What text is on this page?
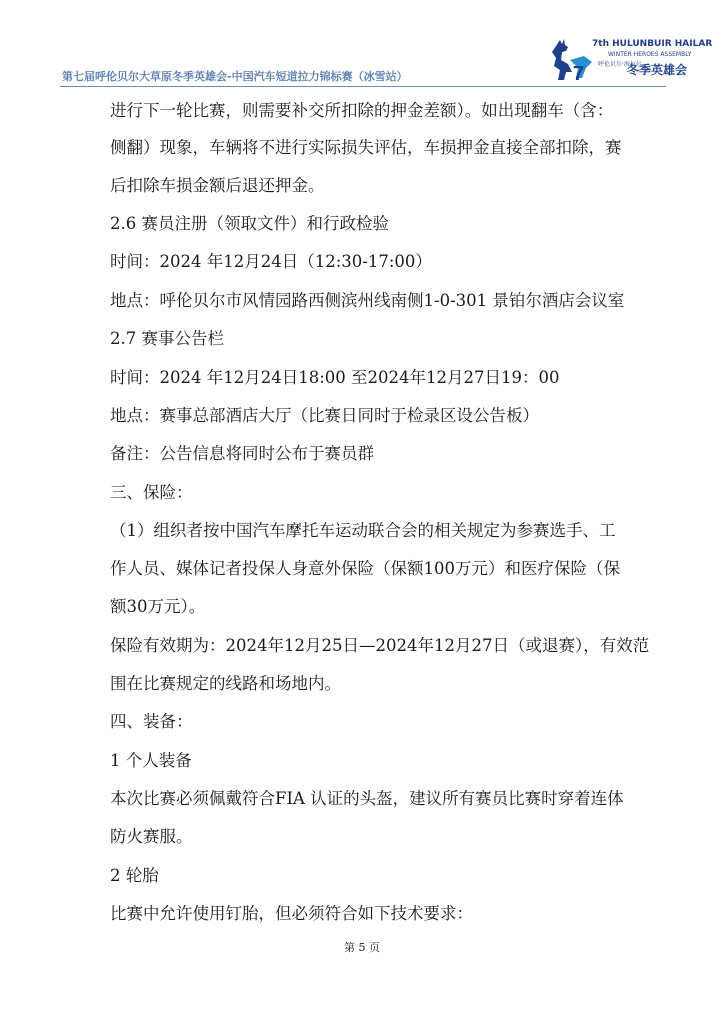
第七届呼伦贝尔大草原冬季英雄会-中国汽车短道拉力锦标赛（冰雪站）	7
7th HULUNBUIR HAILAR
WINTER HEROES ASSEMBLY
呼伦贝尔·海拉尔
冬季英雄会
进行下一轮比赛，则需要补交所扣除的押金差额）。如出现翻车（含：
侧翻）现象，车辆将不进行实际损失评估，车损押金直接全部扣除，赛
后扣除车损金额后退还押金。
2.6 赛员注册（领取文件）和行政检验
时间：2024 年12月24日（12:30-17:00）
地点：呼伦贝尔市风情园路西侧滨州线南侧1-0-301 景铂尔酒店会议室
2.7 赛事公告栏
时间：2024 年12月24日18:00 至2024年12月27日19：00
地点：赛事总部酒店大厅（比赛日同时于检录区设公告板）
备注：公告信息将同时公布于赛员群
三、保险：
（1）组织者按中国汽车摩托车运动联合会的相关规定为参赛选手、工
作人员、媒体记者投保人身意外保险（保额100万元）和医疗保险（保
额30万元）。
保险有效期为：2024年12月25日—2024年12月27日（或退赛），有效范
围在比赛规定的线路和场地内。
四、装备：
1 个人装备
本次比赛必须佩戴符合FIA 认证的头盔，建议所有赛员比赛时穿着连体
防火赛服。
2 轮胎
比赛中允许使用钉胎，但必须符合如下技术要求：
第 5 页
